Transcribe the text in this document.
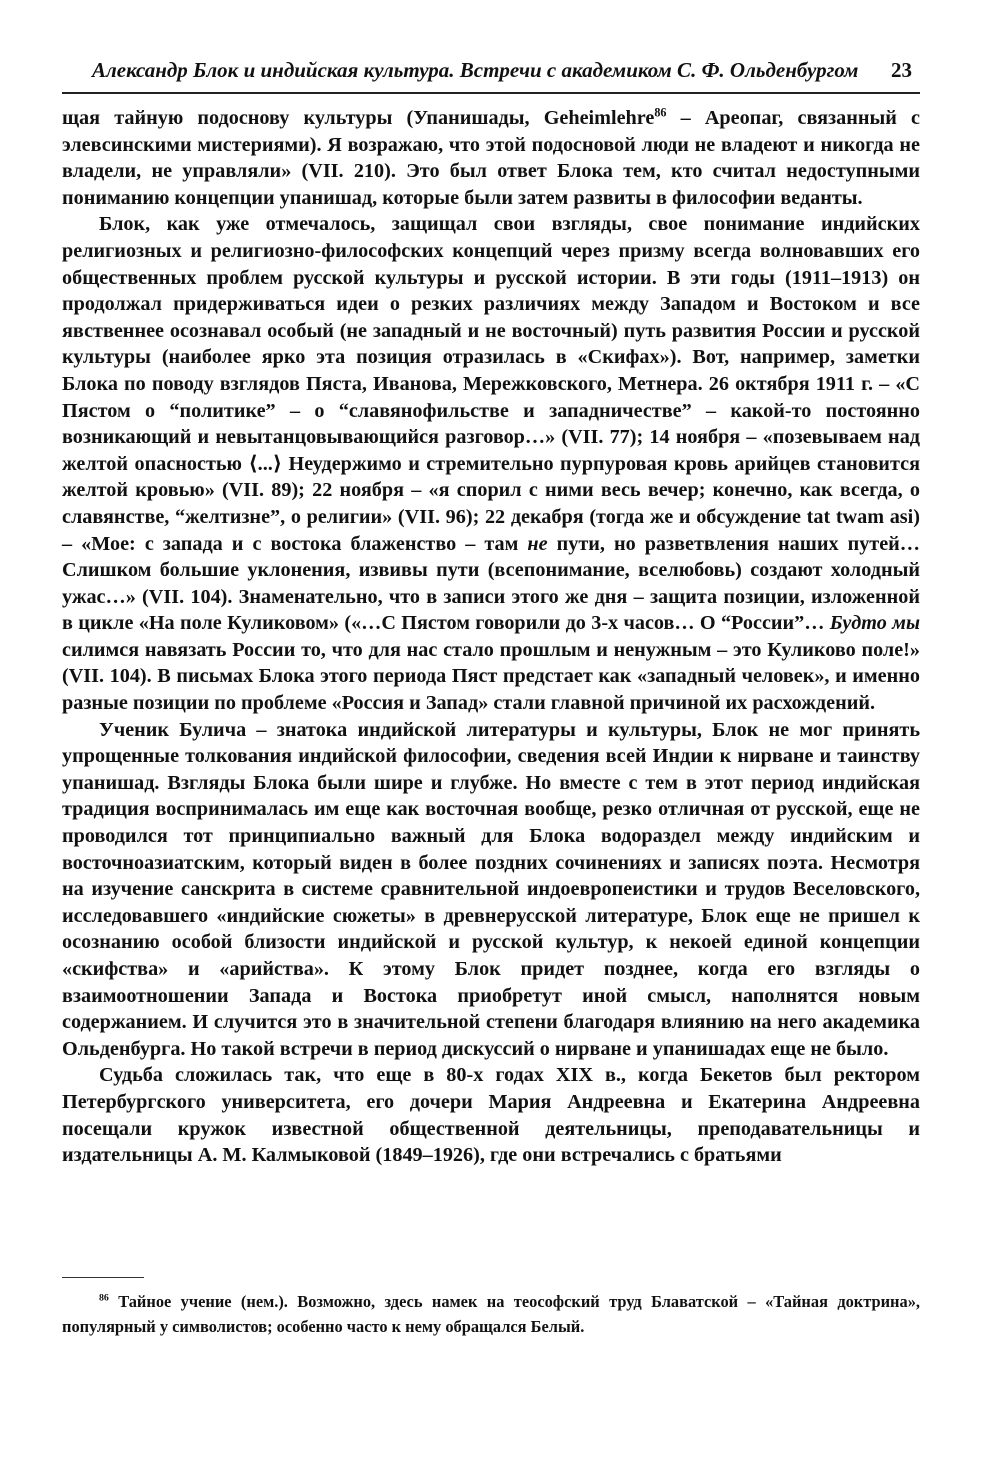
Александр Блок и индийская культура. Встречи с академиком С. Ф. Ольденбургом 23

щая тайную подоснову культуры (Упанишады, Geheimlehre$^{86}$ – Ареопаг, связанный с элевсинскими мистериями). Я возражаю, что этой подосновой люди не владеют и никогда не владели, не управляли» (VII. 210). Это был ответ Блока тем, кто считал недоступными пониманию концепции упанишад, которые были затем развиты в философии веданты.

Блок, как уже отмечалось, защищал свои взгляды, свое понимание индийских религиозных и религиозно-философских концепций через призму всегда волновавших его общественных проблем русской культуры и русской истории. В эти годы (1911–1913) он продолжал придерживаться идеи о резких различиях между Западом и Востоком и все явственнее осознавал особый (не западный и не восточный) путь развития России и русской культуры (наиболее ярко эта позиция отразилась в «Скифах»). Вот, например, заметки Блока по поводу взглядов Пяста, Иванова, Мережковского, Метнера. 26 октября 1911 г. – «С Пястом о “политике” – о “славянофильстве и западничестве” – какой-то постоянно возникающий и невытанцовывающийся разговор…» (VII. 77); 14 ноября – «позевываем над желтой опасностью ⟨...⟩ Неудержимо и стремительно пурпуровая кровь арийцев становится желтой кровью» (VII. 89); 22 ноября – «я спорил с ними весь вечер; конечно, как всегда, о славянстве, “желтизне”, о религии» (VII. 96); 22 декабря (тогда же и обсуждение tat twam asi) – «Мое: с запада и с востока блаженство – там не пути, но разветвления наших путей… Слишком большие уклонения, извивы пути (всепонимание, вселюбовь) создают холодный ужас…» (VII. 104). Знаменательно, что в записи этого же дня – защита позиции, изложенной в цикле «На поле Куликовом» («…С Пястом говорили до 3-х часов… О “России”… Будто мы силимся навязать России то, что для нас стало прошлым и ненужным – это Куликово поле!» (VII. 104). В письмах Блока этого периода Пяст предстает как «западный человек», и именно разные позиции по проблеме «Россия и Запад» стали главной причиной их расхождений.

Ученик Булича – знатока индийской литературы и культуры, Блок не мог принять упрощенные толкования индийской философии, сведения всей Индии к нирване и таинству упанишад. Взгляды Блока были шире и глубже. Но вместе с тем в этот период индийская традиция воспринималась им еще как восточная вообще, резко отличная от русской, еще не проводился тот принципиально важный для Блока водораздел между индийским и восточноазиатским, который виден в более поздних сочинениях и записях поэта. Несмотря на изучение санскрита в системе сравнительной индоевропеистики и трудов Веселовского, исследовавшего «индийские сюжеты» в древнерусской литературе, Блок еще не пришел к осознанию особой близости индийской и русской культур, к некоей единой концепции «скифства» и «арийства». К этому Блок придет позднее, когда его взгляды о взаимоотношении Запада и Востока приобретут иной смысл, наполнятся новым содержанием. И случится это в значительной степени благодаря влиянию на него академика Ольденбурга. Но такой встречи в период дискуссий о нирване и упанишадах еще не было.

Судьба сложилась так, что еще в 80-х годах XIX в., когда Бекетов был ректором Петербургского университета, его дочери Мария Андреевна и Екатерина Андреевна посещали кружок известной общественной деятельницы, преподавательницы и издательницы А. М. Калмыковой (1849–1926), где они встречались с братьями

$^{86}$ Тайное учение (нем.). Возможно, здесь намек на теософский труд Блаватской – «Тайная доктрина», популярный у символистов; особенно часто к нему обращался Белый.
